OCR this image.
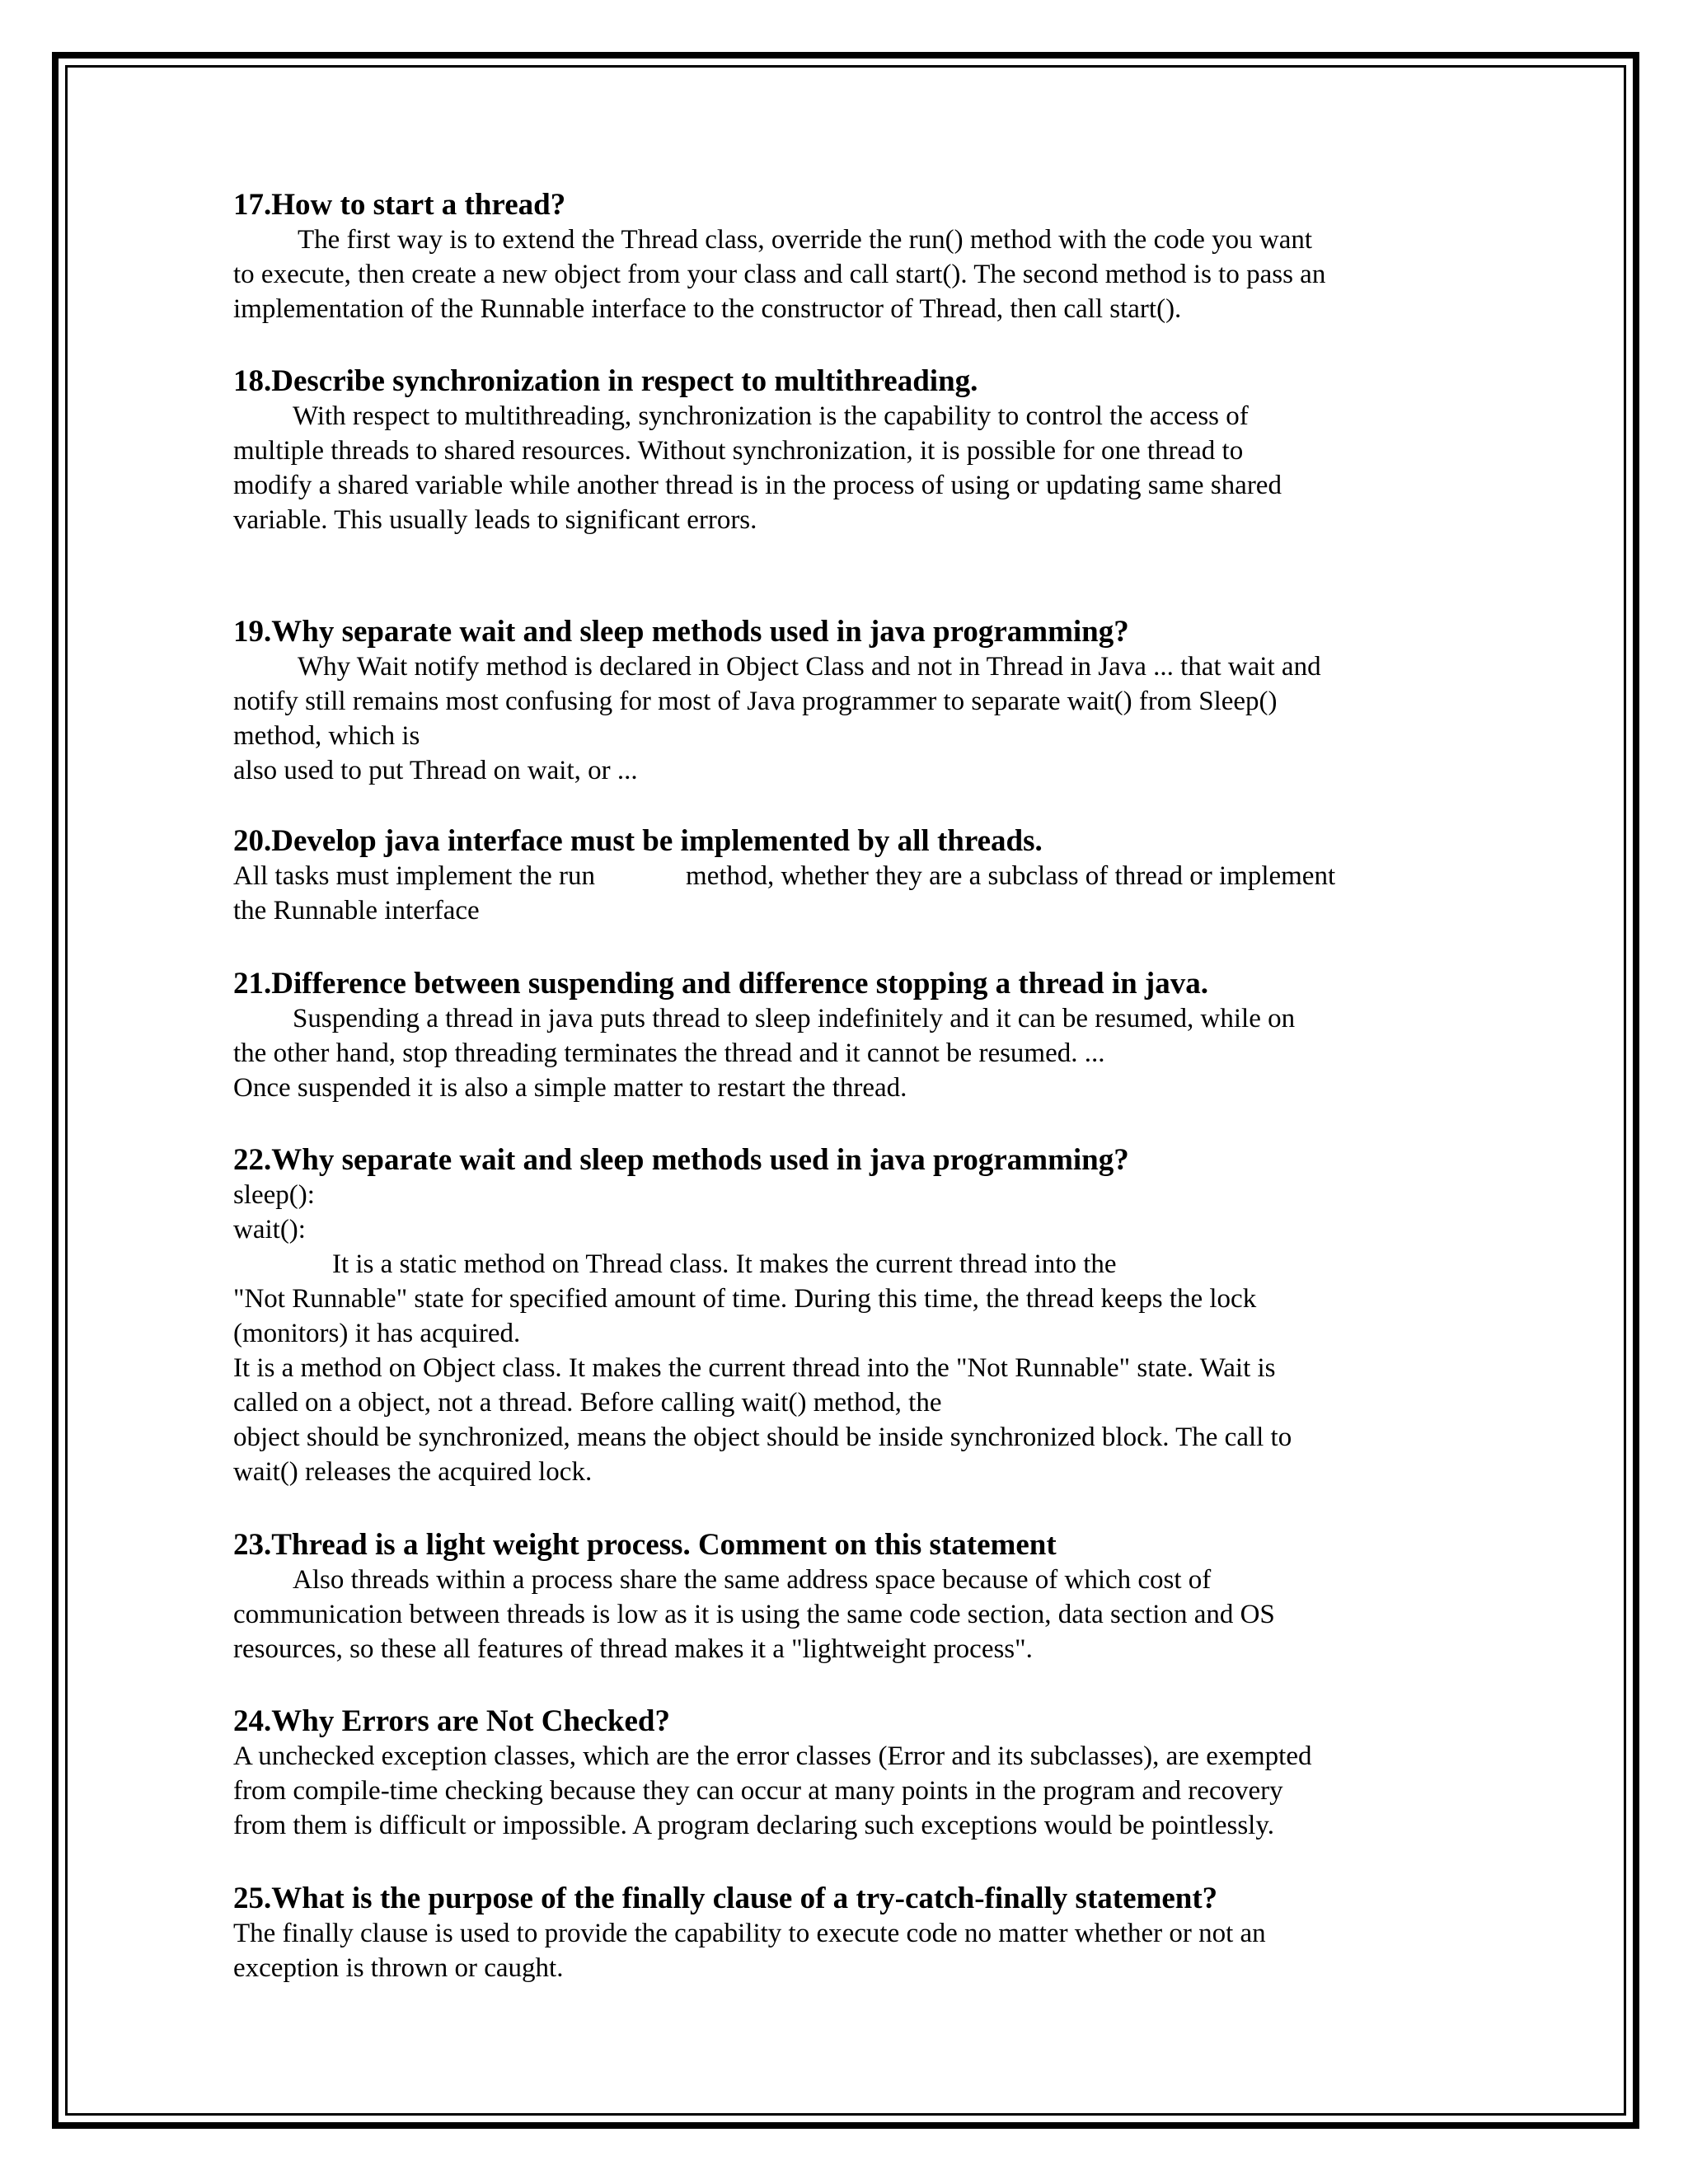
17.How to start a thread?

The first way is to extend the Thread class, override the run() method with the code you want

to execute, then create a new object from your class and call start(). The second method is to pass an

implementation of the Runnable interface to the constructor of Thread, then call start().

18.Describe synchronization in respect to multithreading.

With respect to multithreading, synchronization is the capability to control the access of

multiple threads to shared resources. Without synchronization, it is possible for one thread to

modify a shared variable while another thread is in the process of using or updating same shared

variable. This usually leads to significant errors.

19.Why separate wait and sleep methods used in java programming?

Why Wait notify method is declared in Object Class and not in Thread in Java ... that wait and

notify still remains most confusing for most of Java programmer to separate wait() from Sleep()

method, which is

also used to put Thread on wait, or ...

20.Develop java interface must be implemented by all threads.

All tasks must implement the run	method, whether they are a subclass of thread or implement

the Runnable interface

21.Difference between suspending and difference stopping a thread in java.

Suspending a thread in java puts thread to sleep indefinitely and it can be resumed, while on

the other hand, stop threading terminates the thread and it cannot be resumed. ...

Once suspended it is also a simple matter to restart the thread.

22.Why separate wait and sleep methods used in java programming?

sleep():

wait():

It is a static method on Thread class. It makes the current thread into the

"Not Runnable" state for specified amount of time. During this time, the thread keeps the lock

(monitors) it has acquired.

It is a method on Object class. It makes the current thread into the "Not Runnable" state. Wait is

called on a object, not a thread. Before calling wait() method, the

object should be synchronized, means the object should be inside synchronized block. The call to

wait() releases the acquired lock.

23.Thread is a light weight process. Comment on this statement

Also threads within a process share the same address space because of which cost of

communication between threads is low as it is using the same code section, data section and OS

resources, so these all features of thread makes it a "lightweight process".

24.Why Errors are Not Checked?

A unchecked exception classes, which are the error classes (Error and its subclasses), are exempted

from compile-time checking because they can occur at many points in the program and recovery

from them is difficult or impossible. A program declaring such exceptions would be pointlessly.

25.What is the purpose of the finally clause of a try-catch-finally statement?

The finally clause is used to provide the capability to execute code no matter whether or not an

exception is thrown or caught.
